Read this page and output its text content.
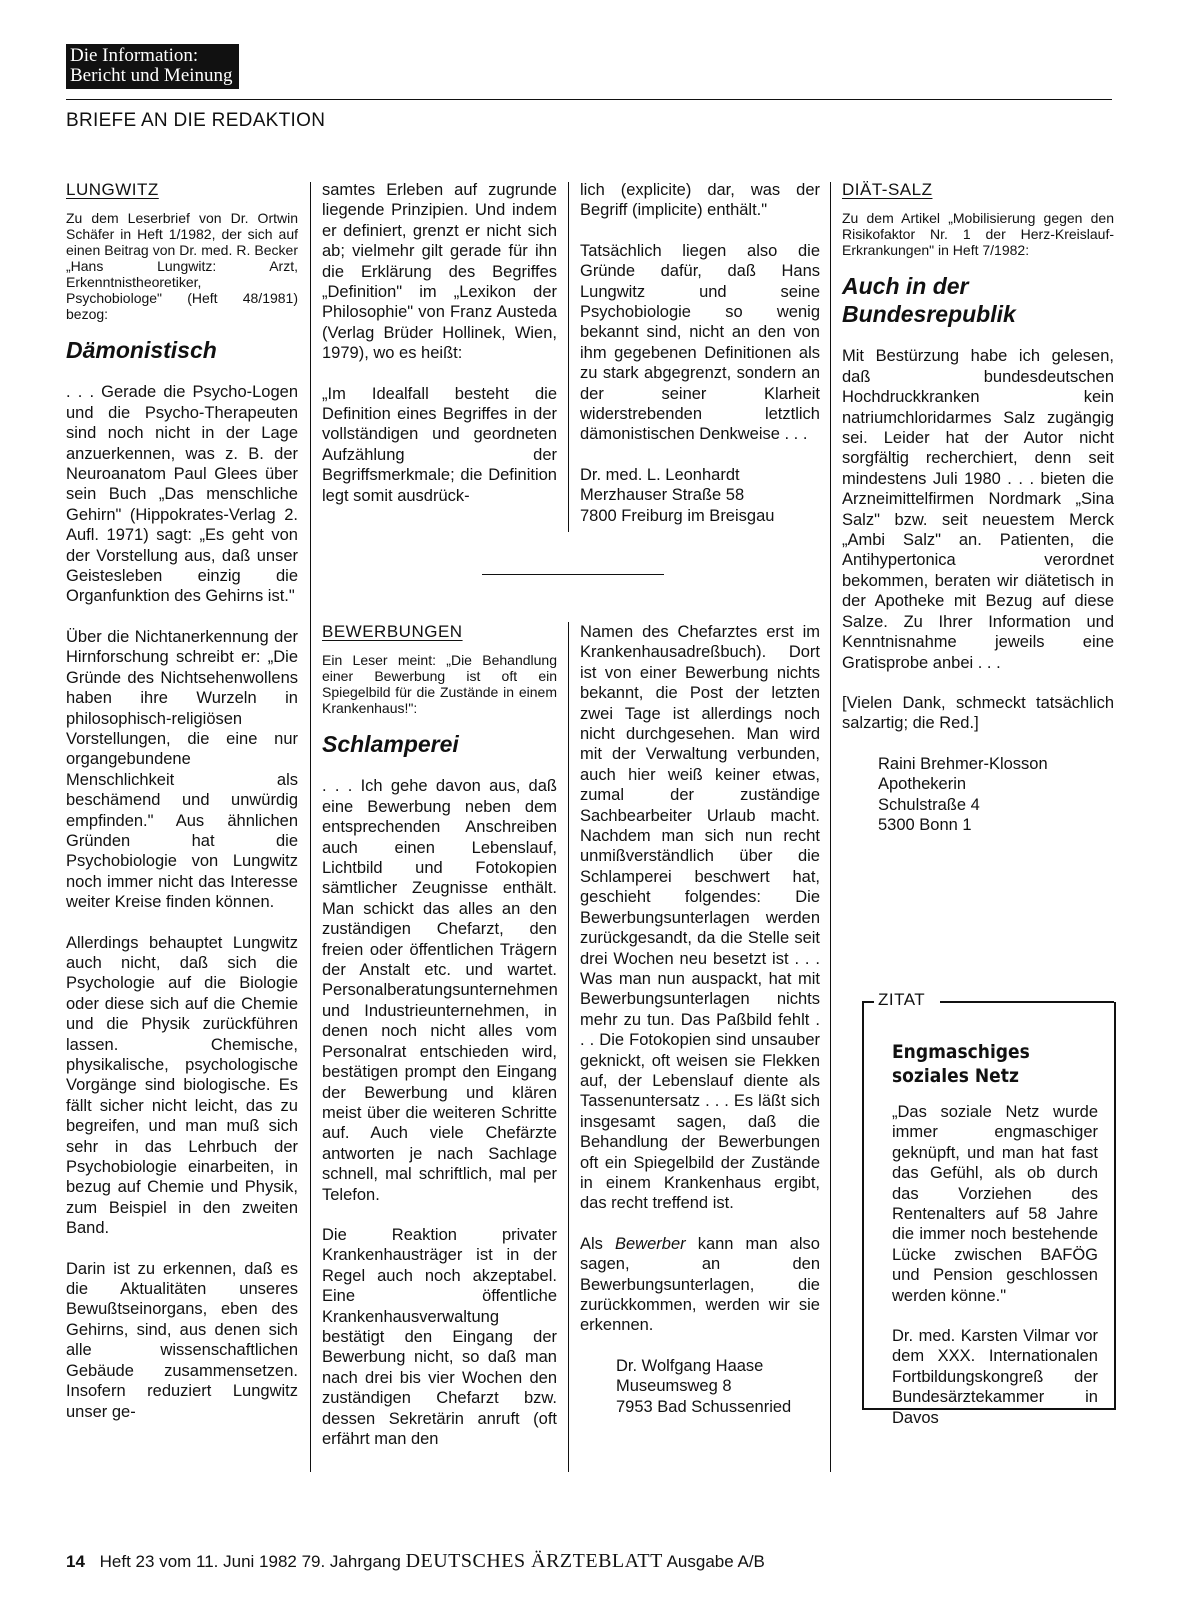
Die Information:
Bericht und Meinung
BRIEFE AN DIE REDAKTION
LUNGWITZ
Zu dem Leserbrief von Dr. Ortwin Schäfer in Heft 1/1982, der sich auf einen Beitrag von Dr. med. R. Becker „Hans Lungwitz: Arzt, Erkenntnistheoretiker, Psychobiologe" (Heft 48/1981) bezog:
Dämonistisch

. . . Gerade die Psycho-Logen und die Psycho-Therapeuten sind noch nicht in der Lage anzuerkennen, was z. B. der Neuroanatom Paul Glees über sein Buch „Das menschliche Gehirn" (Hippokrates-Verlag 2. Aufl. 1971) sagt: „Es geht von der Vorstellung aus, daß unser Geistesleben einzig die Organfunktion des Gehirns ist."

Über die Nichtanerkennung der Hirnforschung schreibt er: „Die Gründe des Nichtsehenwollens haben ihre Wurzeln in philosophisch-religiösen Vorstellungen, die eine nur organgebundene Menschlichkeit als beschämend und unwürdig empfinden." Aus ähnlichen Gründen hat die Psychobiologie von Lungwitz noch immer nicht das Interesse weiter Kreise finden können.

Allerdings behauptet Lungwitz auch nicht, daß sich die Psychologie auf die Biologie oder diese sich auf die Chemie und die Physik zurückführen lassen. Chemische, physikalische, psychologische Vorgänge sind biologische. Es fällt sicher nicht leicht, das zu begreifen, und man muß sich sehr in das Lehrbuch der Psychobiologie einarbeiten, in bezug auf Chemie und Physik, zum Beispiel in den zweiten Band.

Darin ist zu erkennen, daß es die Aktualitäten unseres Bewußtseinorgans, eben des Gehirns, sind, aus denen sich alle wissenschaftlichen Gebäude zusammensetzen. Insofern reduziert Lungwitz unser ge-

samtes Erleben auf zugrunde liegende Prinzipien. Und indem er definiert, grenzt er nicht sich ab; vielmehr gilt gerade für ihn die Erklärung des Begriffes „Definition" im „Lexikon der Philosophie" von Franz Austeda (Verlag Brüder Hollinek, Wien, 1979), wo es heißt:

„Im Idealfall besteht die Definition eines Begriffes in der vollständigen und geordneten Aufzählung der Begriffsmerkmale; die Definition legt somit ausdrück-

lich (explicite) dar, was der Begriff (implicite) enthält."

Tatsächlich liegen also die Gründe dafür, daß Hans Lungwitz und seine Psychobiologie so wenig bekannt sind, nicht an den von ihm gegebenen Definitionen als zu stark abgegrenzt, sondern an der seiner Klarheit widerstrebenden letztlich dämonistischen Denkweise . . .

Dr. med. L. Leonhardt
Merzhauser Straße 58
7800 Freiburg im Breisgau
BEWERBUNGEN
Ein Leser meint: „Die Behandlung einer Bewerbung ist oft ein Spiegelbild für die Zustände in einem Krankenhaus!":
Schlamperei

. . . Ich gehe davon aus, daß eine Bewerbung neben dem entsprechenden Anschreiben auch einen Lebenslauf, Lichtbild und Fotokopien sämtlicher Zeugnisse enthält. Man schickt das alles an den zuständigen Chefarzt, den freien oder öffentlichen Trägern der Anstalt etc. und wartet. Personalberatungsunternehmen und Industrieunternehmen, in denen noch nicht alles vom Personalrat entschieden wird, bestätigen prompt den Eingang der Bewerbung und klären meist über die weiteren Schritte auf. Auch viele Chefärzte antworten je nach Sachlage schnell, mal schriftlich, mal per Telefon.

Die Reaktion privater Krankenhausträger ist in der Regel auch noch akzeptabel. Eine öffentliche Krankenhausverwaltung bestätigt den Eingang der Bewerbung nicht, so daß man nach drei bis vier Wochen den zuständigen Chefarzt bzw. dessen Sekretärin anruft (oft erfährt man den

Namen des Chefarztes erst im Krankenhausadreßbuch). Dort ist von einer Bewerbung nichts bekannt, die Post der letzten zwei Tage ist allerdings noch nicht durchgesehen. Man wird mit der Verwaltung verbunden, auch hier weiß keiner etwas, zumal der zuständige Sachbearbeiter Urlaub macht. Nachdem man sich nun recht unmißverständlich über die Schlamperei beschwert hat, geschieht folgendes: Die Bewerbungsunterlagen werden zurückgesandt, da die Stelle seit drei Wochen neu besetzt ist . . . Was man nun auspackt, hat mit Bewerbungsunterlagen nichts mehr zu tun. Das Paßbild fehlt . . . Die Fotokopien sind unsauber geknickt, oft weisen sie Flekken auf, der Lebenslauf diente als Tassenuntersatz . . . Es läßt sich insgesamt sagen, daß die Behandlung der Bewerbungen oft ein Spiegelbild der Zustände in einem Krankenhaus ergibt, das recht treffend ist.

Als Bewerber kann man also sagen, an den Bewerbungsunterlagen, die zurückkommen, werden wir sie erkennen.

Dr. Wolfgang Haase
Museumsweg 8
7953 Bad Schussenried
DIÄT-SALZ
Zu dem Artikel „Mobilisierung gegen den Risikofaktor Nr. 1 der Herz-Kreislauf-Erkrankungen" in Heft 7/1982:
Auch in der
Bundesrepublik

Mit Bestürzung habe ich gelesen, daß bundesdeutschen Hochdruckkranken kein natriumchloridarmes Salz zugängig sei. Leider hat der Autor nicht sorgfältig recherchiert, denn seit mindestens Juli 1980 . . . bieten die Arzneimittelfirmen Nordmark „Sina Salz" bzw. seit neuestem Merck „Ambi Salz" an. Patienten, die Antihypertonica verordnet bekommen, beraten wir diätetisch in der Apotheke mit Bezug auf diese Salze. Zu Ihrer Information und Kenntnisnahme jeweils eine Gratisprobe anbei . . .

[Vielen Dank, schmeckt tatsächlich salzartig; die Red.]

Raini Brehmer-Klosson
Apothekerin
Schulstraße 4
5300 Bonn 1
ZITAT
Engmaschiges
soziales Netz

„Das soziale Netz wurde immer engmaschiger geknüpft, und man hat fast das Gefühl, als ob durch das Vorziehen des Rentenalters auf 58 Jahre die immer noch bestehende Lücke zwischen BAFÖG und Pension geschlossen werden könne."

Dr. med. Karsten Vilmar vor dem XXX. Internationalen Fortbildungskongreß der Bundesärztekammer in Davos

14 Heft 23 vom 11. Juni 1982 79. Jahrgang DEUTSCHES ÄRZTEBLATT Ausgabe A/B
